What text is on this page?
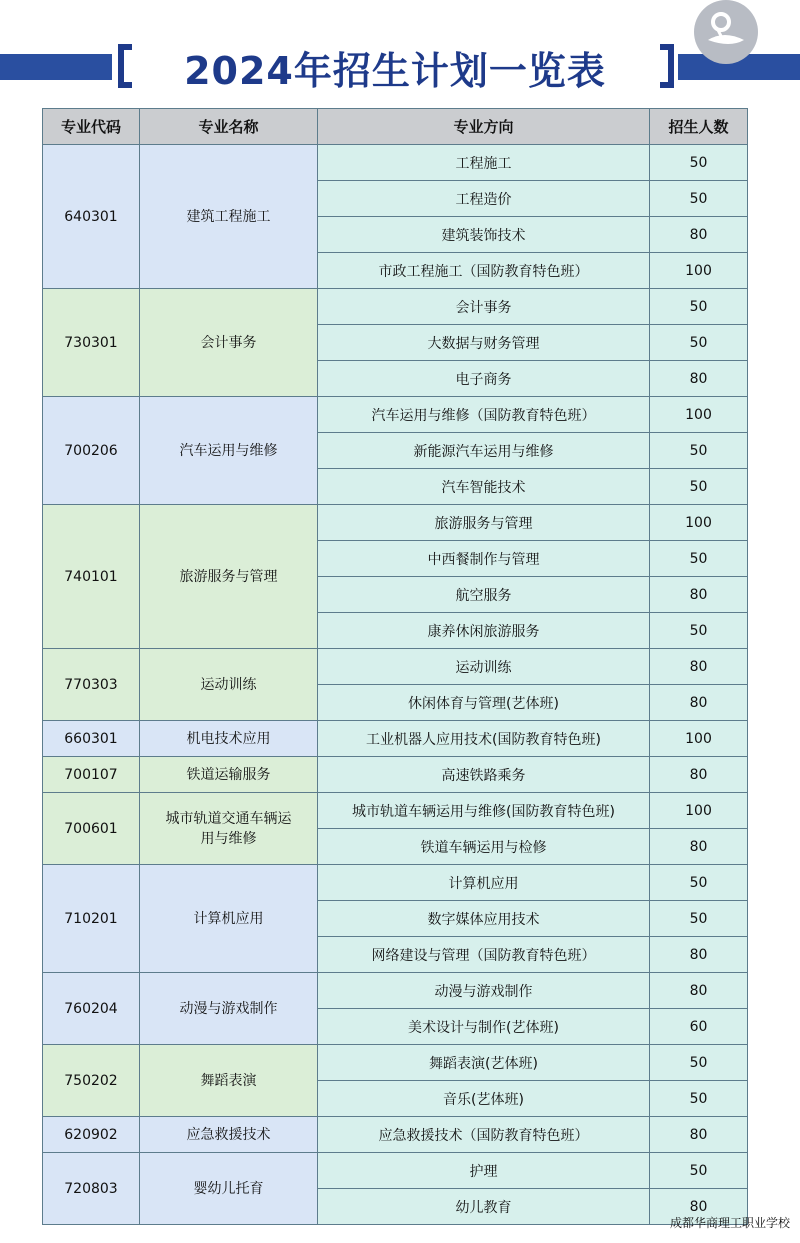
2024年招生计划一览表
专业代码	专业名称	专业方向	招生人数
640301	建筑工程施工	工程施工	50
		工程造价	50
		建筑装饰技术	80
		市政工程施工（国防教育特色班）	100
730301	会计事务	会计事务	50
		大数据与财务管理	50
		电子商务	80
700206	汽车运用与维修	汽车运用与维修（国防教育特色班）	100
		新能源汽车运用与维修	50
		汽车智能技术	50
740101	旅游服务与管理	旅游服务与管理	100
		中西餐制作与管理	50
		航空服务	80
		康养休闲旅游服务	50
770303	运动训练	运动训练	80
		休闲体育与管理(艺体班)	80
660301	机电技术应用	工业机器人应用技术(国防教育特色班)	100
700107	铁道运输服务	高速铁路乘务	80
700601	城市轨道交通车辆运用与维修	城市轨道车辆运用与维修(国防教育特色班)	100
		铁道车辆运用与检修	80
710201	计算机应用	计算机应用	50
		数字媒体应用技术	50
		网络建设与管理（国防教育特色班）	80
760204	动漫与游戏制作	动漫与游戏制作	80
		美术设计与制作(艺体班)	60
750202	舞蹈表演	舞蹈表演(艺体班)	50
		音乐(艺体班)	50
620902	应急救援技术	应急救援技术（国防教育特色班）	80
720803	婴幼儿托育	护理	50
		幼儿教育	80
成都华商理工职业学校
